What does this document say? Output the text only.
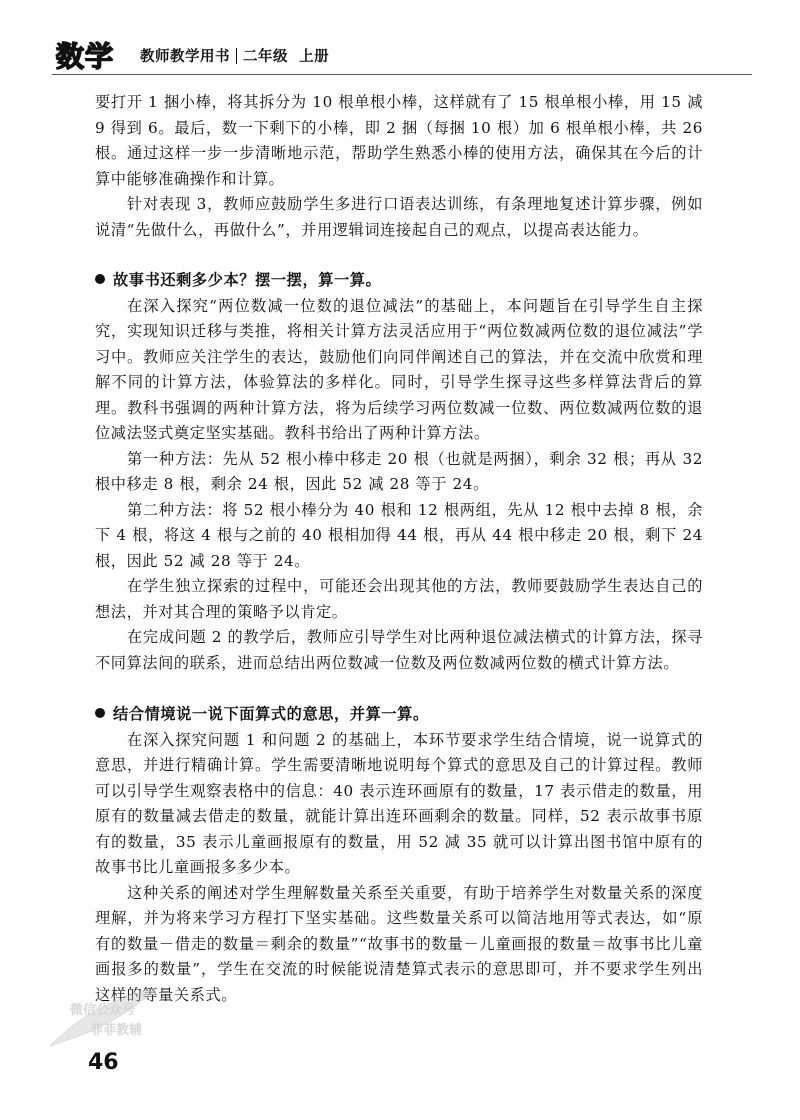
数学 教师教学用书 二年级 上册

要打开 1 捆小棒，将其拆分为 10 根单根小棒，这样就有了 15 根单根小棒，用 15 减 9 得到 6。最后，数一下剩下的小棒，即 2 捆（每捆 10 根）加 6 根单根小棒，共 26 根。通过这样一步一步清晰地示范，帮助学生熟悉小棒的使用方法，确保其在今后的计算中能够准确操作和计算。

针对表现 3，教师应鼓励学生多进行口语表达训练，有条理地复述计算步骤，例如说清“先做什么，再做什么”，并用逻辑词连接起自己的观点，以提高表达能力。

故事书还剩多少本？摆一摆，算一算。

在深入探究“两位数减一位数的退位减法”的基础上，本问题旨在引导学生自主探究，实现知识迁移与类推，将相关计算方法灵活应用于“两位数减两位数的退位减法”学习中。教师应关注学生的表达，鼓励他们向同伴阐述自己的算法，并在交流中欣赏和理解不同的计算方法，体验算法的多样化。同时，引导学生探寻这些多样算法背后的算理。教科书强调的两种计算方法，将为后续学习两位数减一位数、两位数减两位数的退位减法竖式奠定坚实基础。教科书给出了两种计算方法。

第一种方法：先从 52 根小棒中移走 20 根（也就是两捆），剩余 32 根；再从 32 根中移走 8 根，剩余 24 根，因此 52 减 28 等于 24。

第二种方法：将 52 根小棒分为 40 根和 12 根两组，先从 12 根中去掉 8 根，余下 4 根，将这 4 根与之前的 40 根相加得 44 根，再从 44 根中移走 20 根，剩下 24 根，因此 52 减 28 等于 24。

在学生独立探索的过程中，可能还会出现其他的方法，教师要鼓励学生表达自己的想法，并对其合理的策略予以肯定。

在完成问题 2 的教学后，教师应引导学生对比两种退位减法横式的计算方法，探寻不同算法间的联系，进而总结出两位数减一位数及两位数减两位数的横式计算方法。

结合情境说一说下面算式的意思，并算一算。

在深入探究问题 1 和问题 2 的基础上，本环节要求学生结合情境，说一说算式的意思，并进行精确计算。学生需要清晰地说明每个算式的意思及自己的计算过程。教师可以引导学生观察表格中的信息：40 表示连环画原有的数量，17 表示借走的数量，用原有的数量减去借走的数量，就能计算出连环画剩余的数量。同样，52 表示故事书原有的数量，35 表示儿童画报原有的数量，用 52 减 35 就可以计算出图书馆中原有的故事书比儿童画报多多少本。

这种关系的阐述对学生理解数量关系至关重要，有助于培养学生对数量关系的深度理解，并为将来学习方程打下坚实基础。这些数量关系可以简洁地用等式表达，如“原有的数量－借走的数量＝剩余的数量”“故事书的数量－儿童画报的数量＝故事书比儿童画报多的数量”，学生在交流的时候能说清楚算式表示的意思即可，并不要求学生列出这样的等量关系式。

微信公众号
菲菲教辅
46
